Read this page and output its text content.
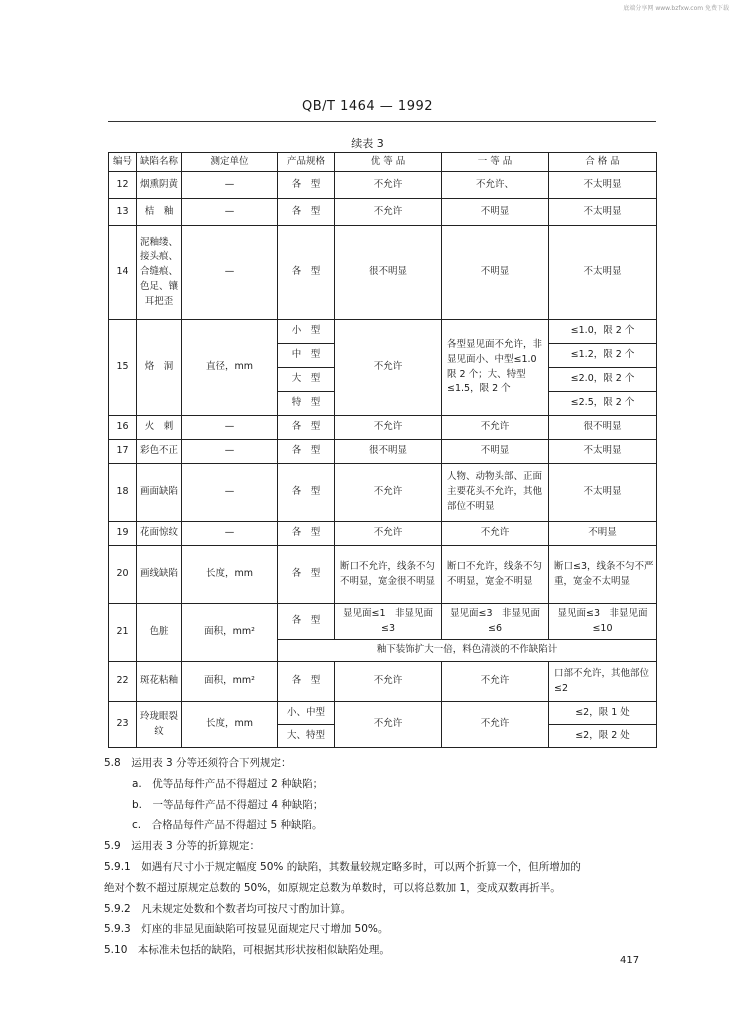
底端分享网 www.bzfxw.com 免费下载
QB/T 1464 — 1992
续表 3
编号	缺陷名称	测定单位	产品规格	优 等 品	一 等 品	合 格 品
12	烟熏阴黄	—	各　型	不允许	不允许、	不太明显
13	桔　釉	—	各　型	不允许	不明显	不太明显
14	泥釉缕、接头痕、合缝痕、色足、镶耳把歪	—	各　型	很不明显	不明显	不太明显
15	烙　洞	直径，mm	小　型	不允许	各型显见面不允许，非显见面小、中型≤1.0 限 2 个；大、特型≤1.5，限 2 个	≤1.0，限 2 个
			中　型			≤1.2，限 2 个
			大　型			≤2.0，限 2 个
			特　型			≤2.5，限 2 个
16	火　刺	—	各　型	不允许	不允许	很不明显
17	彩色不正	—	各　型	很不明显	不明显	不太明显
18	画面缺陷	—	各　型	不允许	人物、动物头部、正面主要花头不允许，其他部位不明显	不太明显
19	花面惊纹	—	各　型	不允许	不允许	不明显
20	画线缺陷	长度，mm	各　型	断口不允许，线条不匀不明显，宽金很不明显	断口不允许，线条不匀不明显，宽金不明显	断口≤3，线条不匀不严重，宽金不太明显
21	色脏	面积，mm²	各　型	显见面≤1　非显见面≤3	显见面≤3　非显见面≤6	显见面≤3　非显见面≤10
			釉下装饰扩大一倍，料色清淡的不作缺陷计			
22	斑花粘釉	面积，mm²	各　型	不允许	不允许	口部不允许，其他部位≤2
23	玲珑眼裂纹	长度，mm	小、中型	不允许	不允许	≤2，限 1 处
			大、特型			≤2，限 2 处

5.8　运用表 3 分等还须符合下列规定：

a.　优等品每件产品不得超过 2 种缺陷；

b.　一等品每件产品不得超过 4 种缺陷；

c.　合格品每件产品不得超过 5 种缺陷。

5.9　运用表 3 分等的折算规定：

5.9.1　如遇有尺寸小于规定幅度 50% 的缺陷，其数量较规定略多时，可以两个折算一个，但所增加的

绝对个数不超过原规定总数的 50%，如原规定总数为单数时，可以将总数加 1，变成双数再折半。

5.9.2　凡未规定处数和个数者均可按尺寸酌加计算。

5.9.3　灯座的非显见面缺陷可按显见面规定尺寸增加 50%。

5.10　本标准未包括的缺陷，可根据其形状按相似缺陷处理。

417
